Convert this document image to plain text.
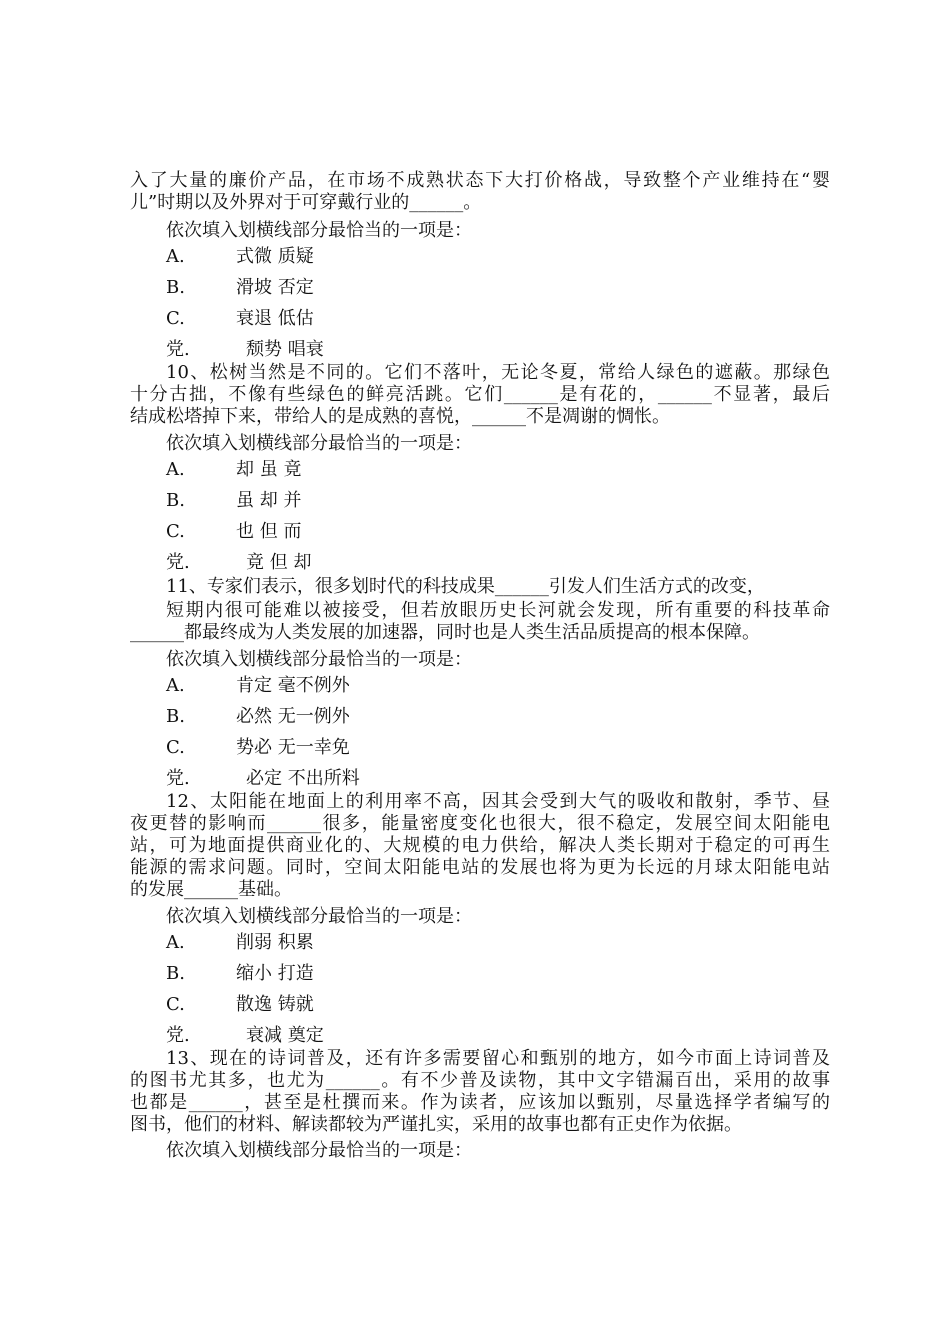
入了大量的廉价产品，在市场不成熟状态下大打价格战，导致整个产业维持在“婴
儿”时期以及外界对于可穿戴行业的______。
依次填入划横线部分最恰当的一项是：
A.	式微 质疑
B.	滑坡 否定
C.	衰退 低估
党.	颓势 唱衰
10、松树当然是不同的。它们不落叶，无论冬夏，常给人绿色的遮蔽。那绿色
十分古拙，不像有些绿色的鲜亮活跳。它们______是有花的，______不显著，最后
结成松塔掉下来，带给人的是成熟的喜悦，______不是凋谢的惆怅。
依次填入划横线部分最恰当的一项是：
A.	却 虽 竟
B.	虽 却 并
C.	也 但 而
党.	竟 但 却
11、专家们表示，很多划时代的科技成果______引发人们生活方式的改变，
短期内很可能难以被接受，但若放眼历史长河就会发现，所有重要的科技革命
______都最终成为人类发展的加速器，同时也是人类生活品质提高的根本保障。
依次填入划横线部分最恰当的一项是：
A.	肯定 毫不例外
B.	必然 无一例外
C.	势必 无一幸免
党.	必定 不出所料
12、太阳能在地面上的利用率不高，因其会受到大气的吸收和散射，季节、昼
夜更替的影响而______很多，能量密度变化也很大，很不稳定，发展空间太阳能电
站，可为地面提供商业化的、大规模的电力供给，解决人类长期对于稳定的可再生
能源的需求问题。同时，空间太阳能电站的发展也将为更为长远的月球太阳能电站
的发展______基础。
依次填入划横线部分最恰当的一项是：
A.	削弱 积累
B.	缩小 打造
C.	散逸 铸就
党.	衰减 奠定
13、现在的诗词普及，还有许多需要留心和甄别的地方，如今市面上诗词普及
的图书尤其多，也尤为______。有不少普及读物，其中文字错漏百出，采用的故事
也都是______，甚至是杜撰而来。作为读者，应该加以甄别，尽量选择学者编写的
图书，他们的材料、解读都较为严谨扎实，采用的故事也都有正史作为依据。
依次填入划横线部分最恰当的一项是：
